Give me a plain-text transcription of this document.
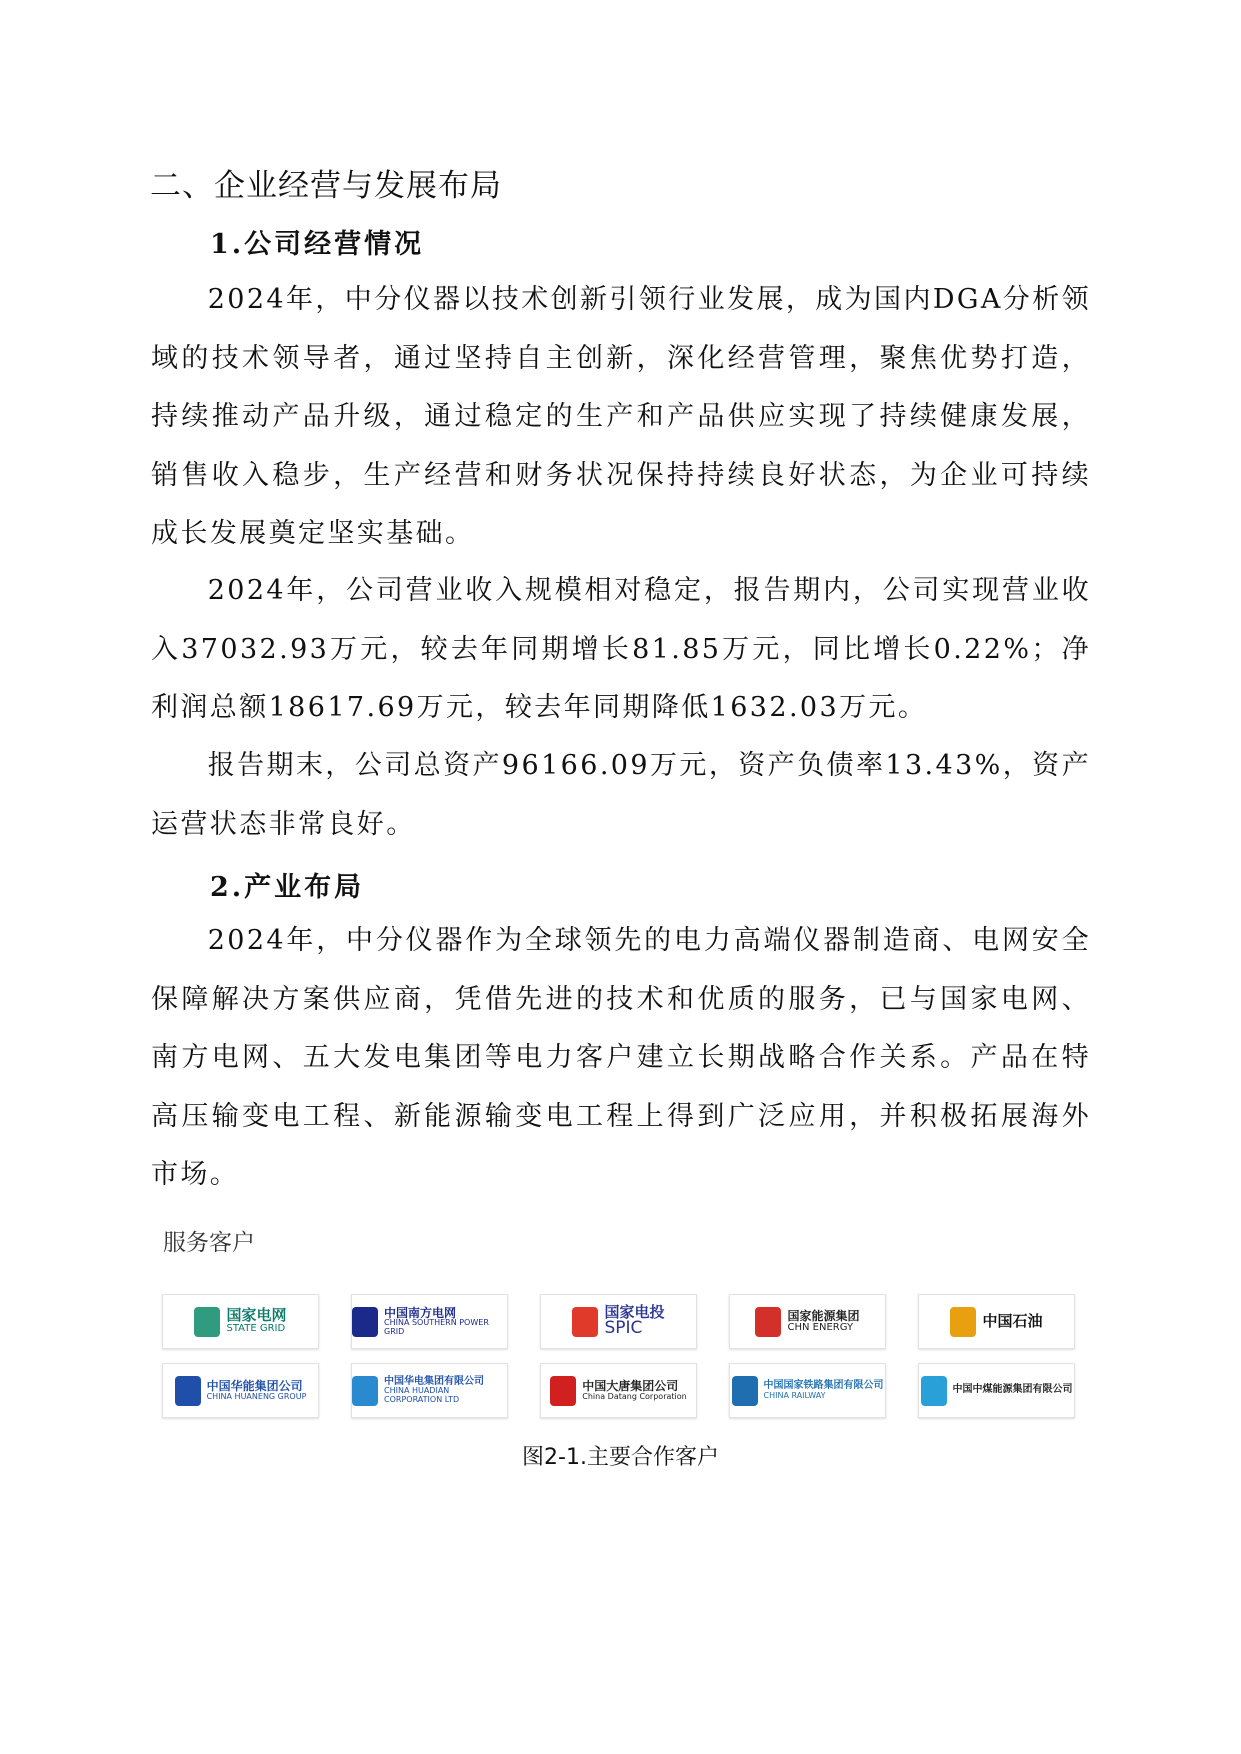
二、企业经营与发展布局
1.公司经营情况

2024年，中分仪器以技术创新引领行业发展，成为国内DGA分析领域的技术领导者，通过坚持自主创新，深化经营管理，聚焦优势打造，持续推动产品升级，通过稳定的生产和产品供应实现了持续健康发展，销售收入稳步，生产经营和财务状况保持持续良好状态，为企业可持续成长发展奠定坚实基础。

2024年，公司营业收入规模相对稳定，报告期内，公司实现营业收入37032.93万元，较去年同期增长81.85万元，同比增长0.22%；净利润总额18617.69万元，较去年同期降低1632.03万元。

报告期末，公司总资产96166.09万元，资产负债率13.43%，资产运营状态非常良好。

2.产业布局

2024年，中分仪器作为全球领先的电力高端仪器制造商、电网安全保障解决方案供应商，凭借先进的技术和优质的服务，已与国家电网、南方电网、五大发电集团等电力客户建立长期战略合作关系。产品在特高压输变电工程、新能源输变电工程上得到广泛应用，并积极拓展海外市场。

服务客户
国家电网
STATE GRID
中国南方电网
CHINA SOUTHERN POWER GRID
国家电投
SPIC
国家能源集团
CHN ENERGY	中国石油
中国华能集团公司
CHINA HUANENG GROUP
中国华电集团有限公司
CHINA HUADIAN CORPORATION LTD
中国大唐集团公司
China Datang Corporation
中国国家铁路集团有限公司
CHINA RAILWAY	中国中煤能源集团有限公司
图2-1.主要合作客户
